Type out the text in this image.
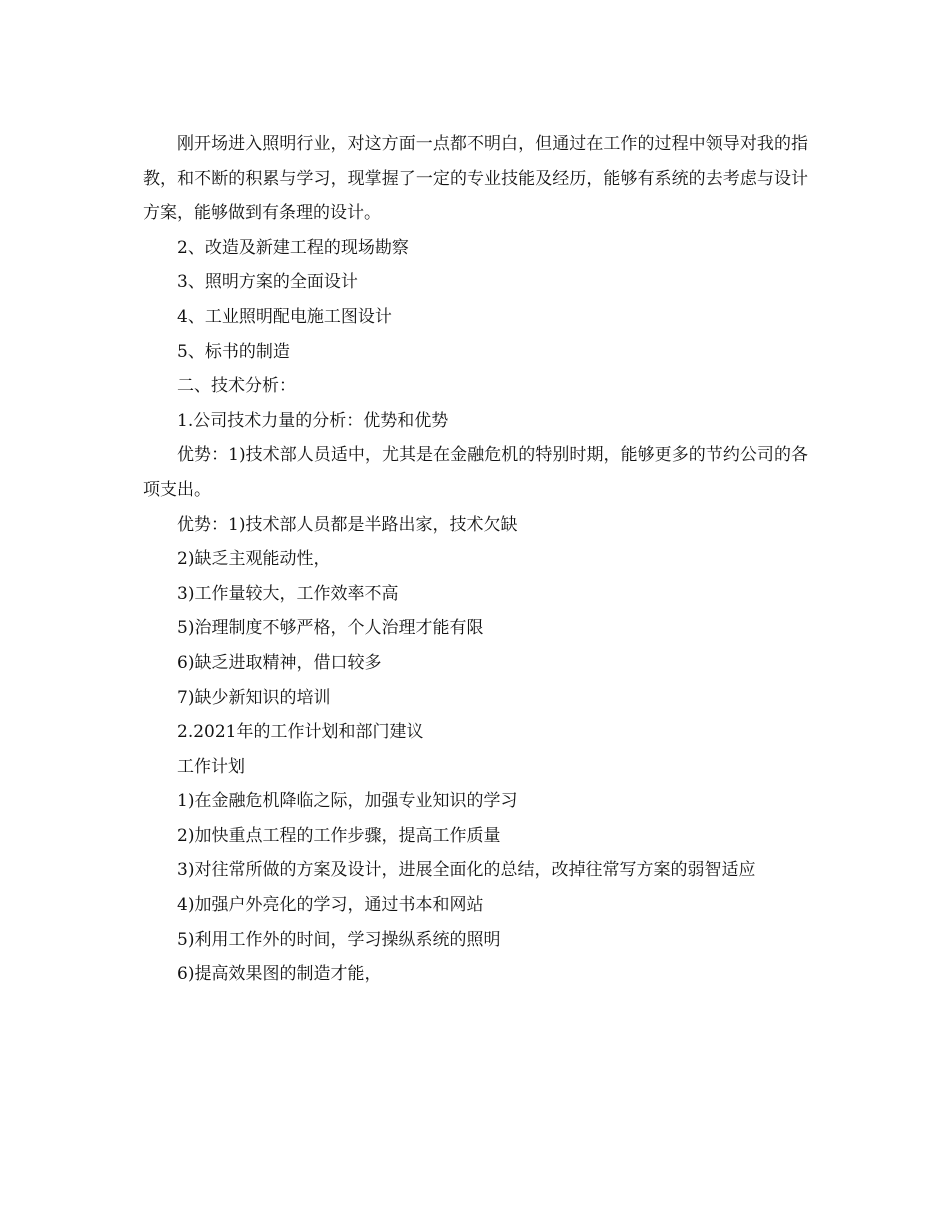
刚开场进入照明行业，对这方面一点都不明白，但通过在工作的过程中领导对我的指教，和不断的积累与学习，现掌握了一定的专业技能及经历，能够有系统的去考虑与设计方案，能够做到有条理的设计。

2、改造及新建工程的现场勘察

3、照明方案的全面设计

4、工业照明配电施工图设计

5、标书的制造

二、技术分析：

1.公司技术力量的分析：优势和优势

优势：1)技术部人员适中，尤其是在金融危机的特别时期，能够更多的节约公司的各项支出。

优势：1)技术部人员都是半路出家，技术欠缺

2)缺乏主观能动性，

3)工作量较大，工作效率不高

5)治理制度不够严格，个人治理才能有限

6)缺乏进取精神，借口较多

7)缺少新知识的培训

2.2021年的工作计划和部门建议

工作计划

1)在金融危机降临之际，加强专业知识的学习

2)加快重点工程的工作步骤，提高工作质量

3)对往常所做的方案及设计，进展全面化的总结，改掉往常写方案的弱智适应

4)加强户外亮化的学习，通过书本和网站

5)利用工作外的时间，学习操纵系统的照明

6)提高效果图的制造才能，
